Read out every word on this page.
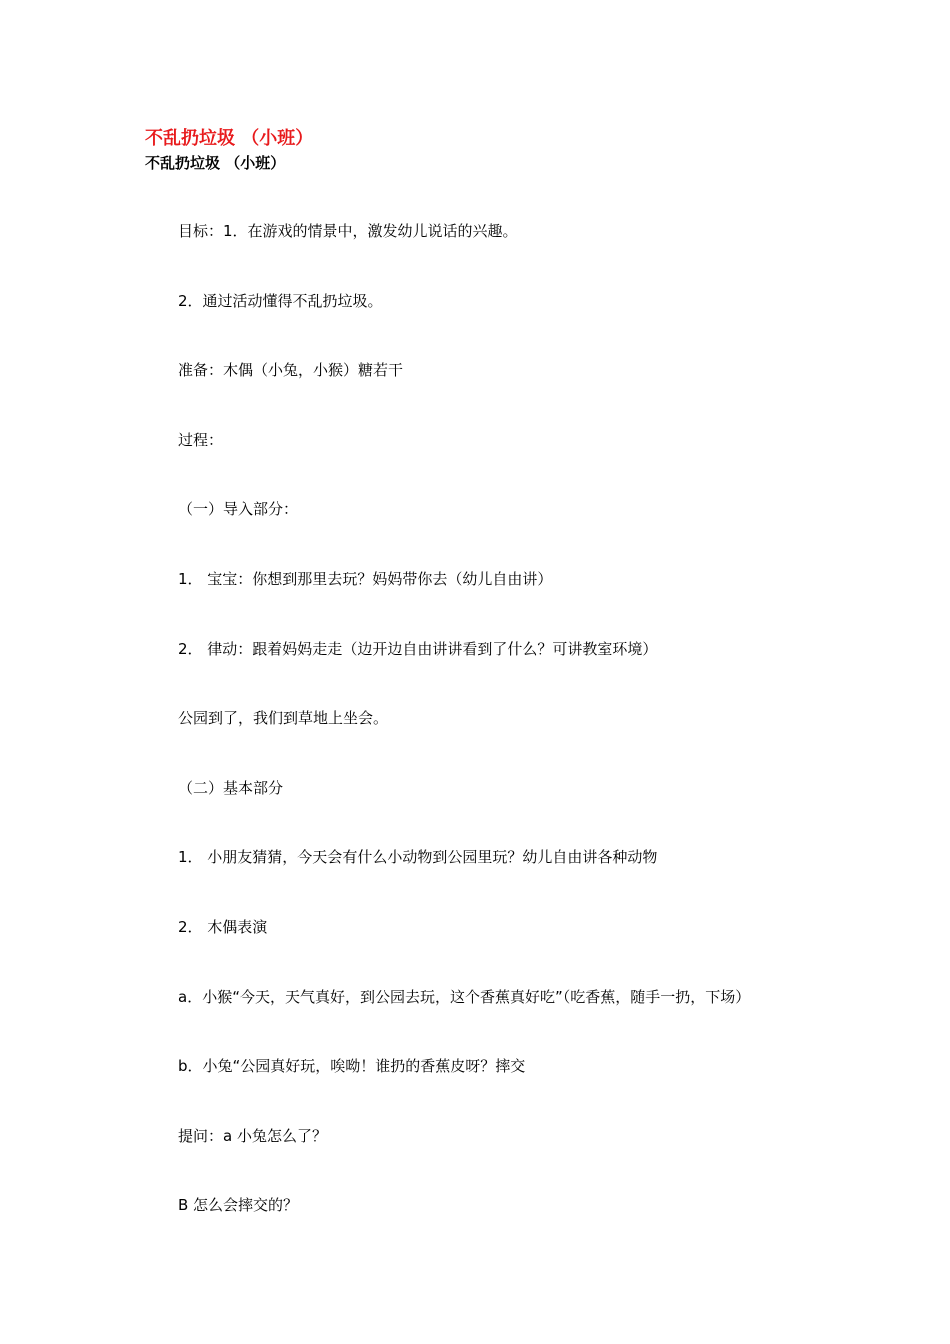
不乱扔垃圾 （小班）
不乱扔垃圾 （小班）
目标：1．在游戏的情景中，激发幼儿说话的兴趣。
2．通过活动懂得不乱扔垃圾。
准备：木偶（小兔，小猴）糖若干
过程：
（一）导入部分：
1． 宝宝：你想到那里去玩？妈妈带你去（幼儿自由讲）
2． 律动：跟着妈妈走走（边开边自由讲讲看到了什么？可讲教室环境）
公园到了，我们到草地上坐会。
（二）基本部分
1． 小朋友猜猜，今天会有什么小动物到公园里玩？幼儿自由讲各种动物
2． 木偶表演
a．小猴“今天，天气真好，到公园去玩，这个香蕉真好吃”（吃香蕉，随手一扔，下场）
b．小兔“公园真好玩，唉呦！谁扔的香蕉皮呀？摔交
提问：a 小兔怎么了？
B 怎么会摔交的？
